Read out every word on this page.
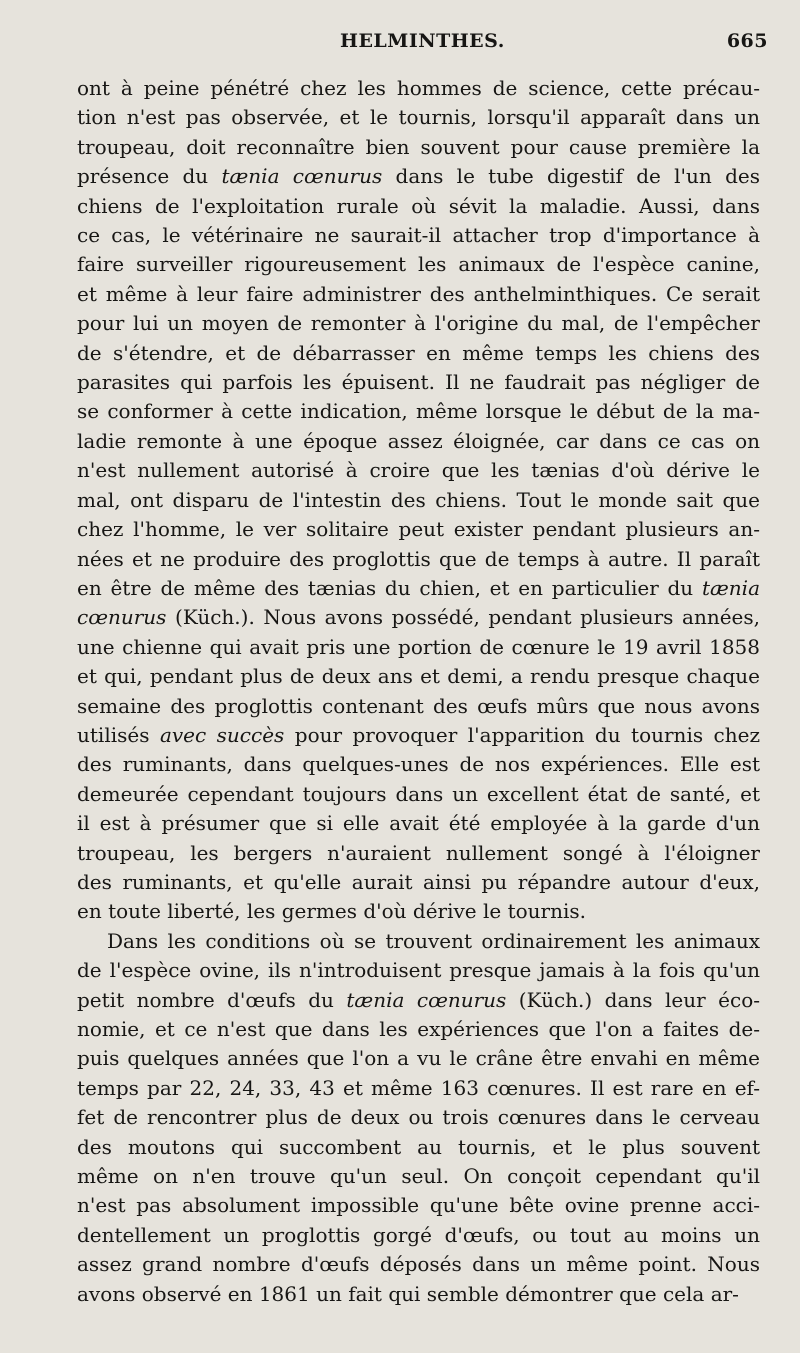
HELMINTHES.	665

ont à peine pénétré chez les hommes de science, cette précau-
tion n'est pas observée, et le tournis, lorsqu'il apparaît dans un
troupeau, doit reconnaître bien souvent pour cause première la
présence du tænia cœnurus dans le tube digestif de l'un des
chiens de l'exploitation rurale où sévit la maladie. Aussi, dans
ce cas, le vétérinaire ne saurait-il attacher trop d'importance à
faire surveiller rigoureusement les animaux de l'espèce canine,
et même à leur faire administrer des anthelminthiques. Ce serait
pour lui un moyen de remonter à l'origine du mal, de l'empêcher
de s'étendre, et de débarrasser en même temps les chiens des
parasites qui parfois les épuisent. Il ne faudrait pas négliger de
se conformer à cette indication, même lorsque le début de la ma-
ladie remonte à une époque assez éloignée, car dans ce cas on
n'est nullement autorisé à croire que les tænias d'où dérive le
mal, ont disparu de l'intestin des chiens. Tout le monde sait que
chez l'homme, le ver solitaire peut exister pendant plusieurs an-
nées et ne produire des proglottis que de temps à autre. Il paraît
en être de même des tænias du chien, et en particulier du tænia
cœnurus (Küch.). Nous avons possédé, pendant plusieurs années,
une chienne qui avait pris une portion de cœnure le 19 avril 1858
et qui, pendant plus de deux ans et demi, a rendu presque chaque
semaine des proglottis contenant des œufs mûrs que nous avons
utilisés avec succès pour provoquer l'apparition du tournis chez
des ruminants, dans quelques-unes de nos expériences. Elle est
demeurée cependant toujours dans un excellent état de santé, et
il est à présumer que si elle avait été employée à la garde d'un
troupeau, les bergers n'auraient nullement songé à l'éloigner
des ruminants, et qu'elle aurait ainsi pu répandre autour d'eux,
en toute liberté, les germes d'où dérive le tournis.

Dans les conditions où se trouvent ordinairement les animaux
de l'espèce ovine, ils n'introduisent presque jamais à la fois qu'un
petit nombre d'œufs du tænia cœnurus (Küch.) dans leur éco-
nomie, et ce n'est que dans les expériences que l'on a faites de-
puis quelques années que l'on a vu le crâne être envahi en même
temps par 22, 24, 33, 43 et même 163 cœnures. Il est rare en ef-
fet de rencontrer plus de deux ou trois cœnures dans le cerveau
des moutons qui succombent au tournis, et le plus souvent
même on n'en trouve qu'un seul. On conçoit cependant qu'il
n'est pas absolument impossible qu'une bête ovine prenne acci-
dentellement un proglottis gorgé d'œufs, ou tout au moins un
assez grand nombre d'œufs déposés dans un même point. Nous
avons observé en 1861 un fait qui semble démontrer que cela ar-
